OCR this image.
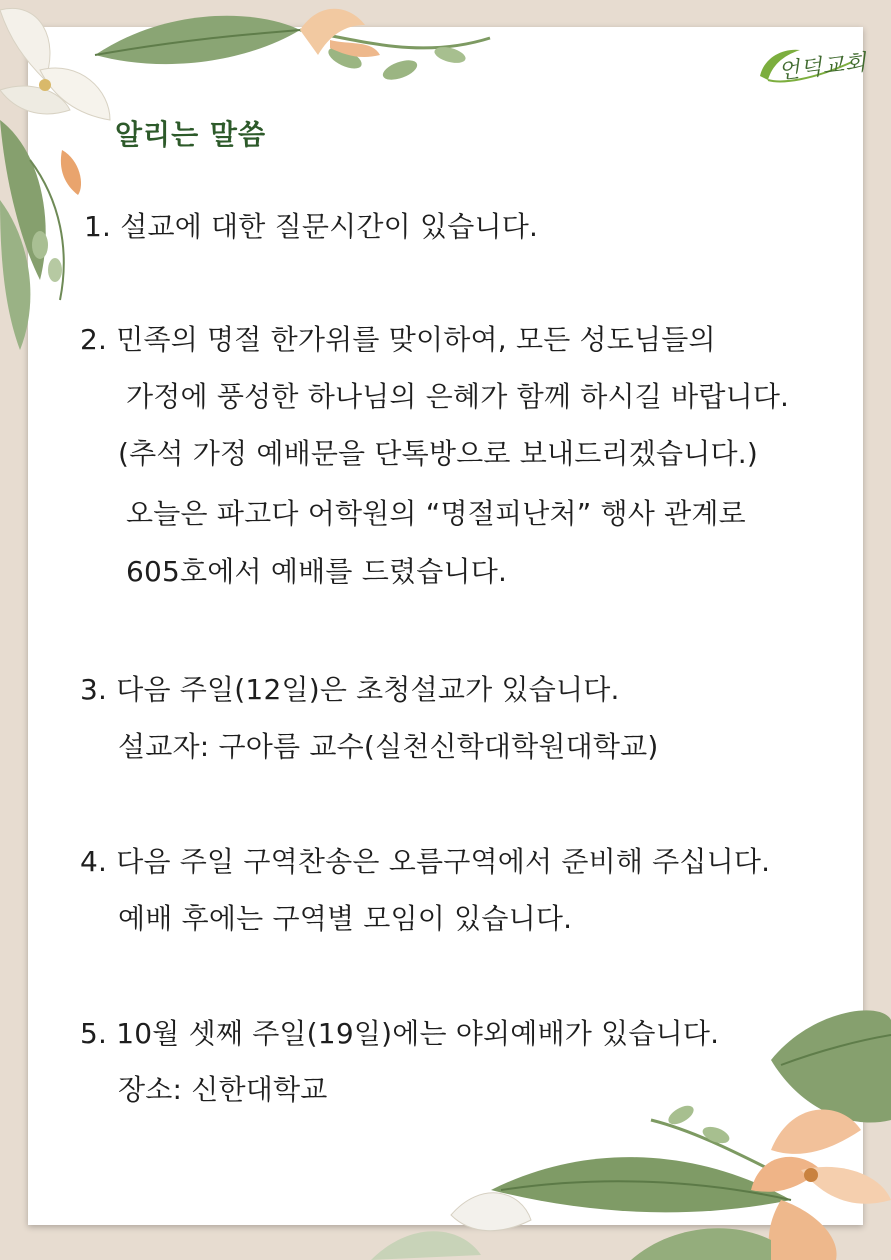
언덕교회
알리는 말씀
1. 설교에 대한 질문시간이 있습니다.
2. 민족의 명절 한가위를 맞이하여, 모든 성도님들의
가정에 풍성한 하나님의 은혜가 함께 하시길 바랍니다.
(추석 가정 예배문을 단톡방으로 보내드리겠습니다.)
오늘은 파고다 어학원의 “명절피난처” 행사 관계로
605호에서 예배를 드렸습니다.
3. 다음 주일(12일)은 초청설교가 있습니다.
설교자: 구아름 교수(실천신학대학원대학교)
4. 다음 주일 구역찬송은 오름구역에서 준비해 주십니다.
예배 후에는 구역별 모임이 있습니다.
5. 10월 셋째 주일(19일)에는 야외예배가 있습니다.
장소: 신한대학교
